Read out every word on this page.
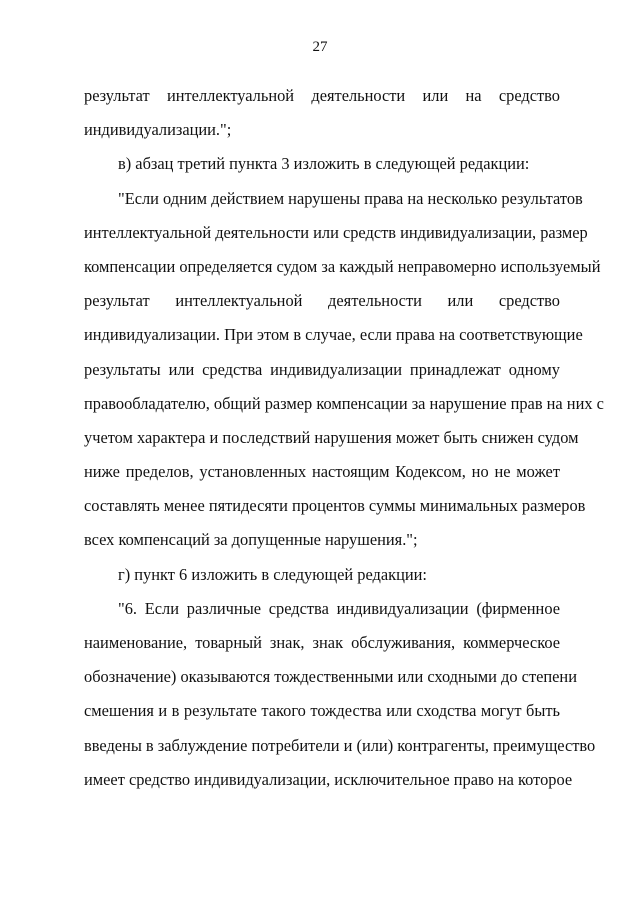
27
результат интеллектуальной деятельности или на средство
индивидуализации.";
в) абзац третий пункта 3 изложить в следующей редакции:
"Если одним действием нарушены права на несколько результатов
интеллектуальной деятельности или средств индивидуализации, размер
компенсации определяется судом за каждый неправомерно используемый
результат интеллектуальной деятельности или средство
индивидуализации. При этом в случае, если права на соответствующие
результаты или средства индивидуализации принадлежат одному
правообладателю, общий размер компенсации за нарушение прав на них с
учетом характера и последствий нарушения может быть снижен судом
ниже пределов, установленных настоящим Кодексом, но не может
составлять менее пятидесяти процентов суммы минимальных размеров
всех компенсаций за допущенные нарушения.";
г) пункт 6 изложить в следующей редакции:
"6. Если различные средства индивидуализации (фирменное
наименование, товарный знак, знак обслуживания, коммерческое
обозначение) оказываются тождественными или сходными до степени
смешения и в результате такого тождества или сходства могут быть
введены в заблуждение потребители и (или) контрагенты, преимущество
имеет средство индивидуализации, исключительное право на которое
